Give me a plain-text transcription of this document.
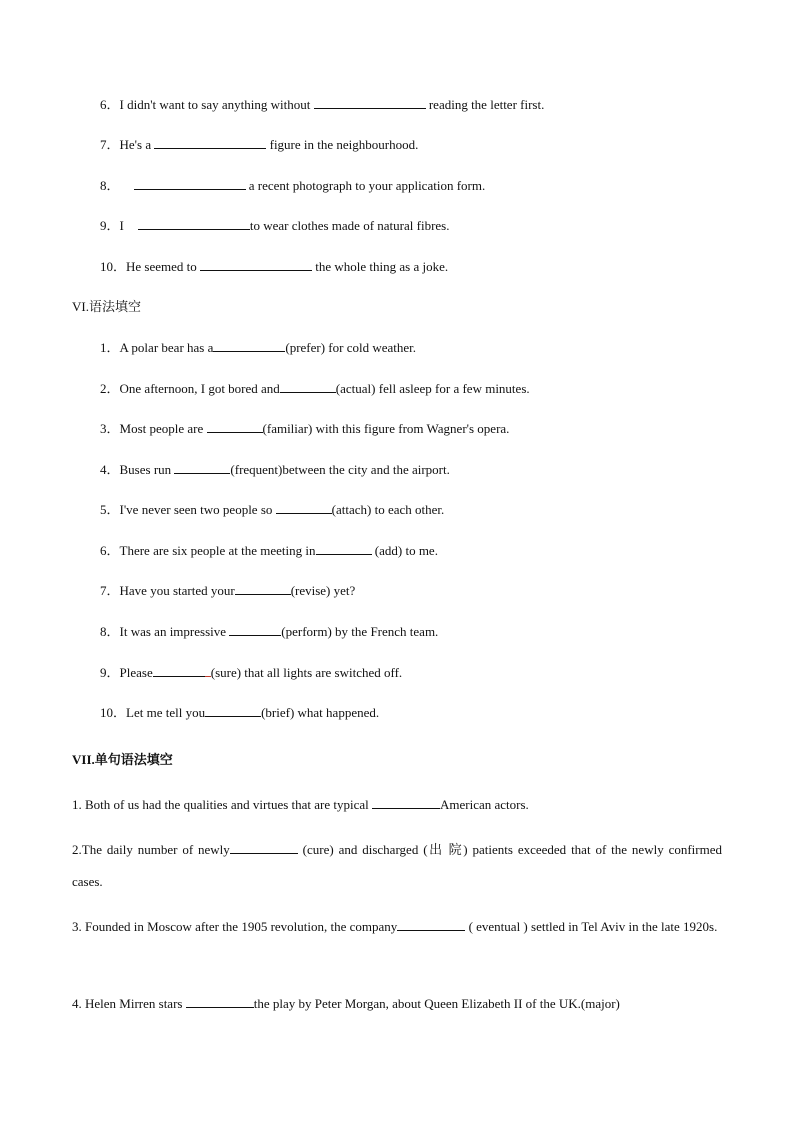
6．I didn't want to say anything without	reading the letter first.
7．He's a	figure in the neighbourhood.
8．	a recent photograph to your application form.
9．I	to wear clothes made of natural fibres.
10．He seemed to	the whole thing as a joke.
VI.语法填空
1．A polar bear has a	(prefer) for cold weather.
2．One afternoon, I got bored and	(actual) fell asleep for a few minutes.
3．Most people are	(familiar) with this figure from Wagner's opera.
4．Buses run	(frequent)between the city and the airport.
5．I've never seen two people so	(attach) to each other.
6．There are six people at the meeting in	(add) to me.
7．Have you started your	(revise) yet?
8．It was an impressive	(perform) by the French team.
9．Please	(sure) that all lights are switched off.
10．Let me tell you	(brief) what happened.
VII.单句语法填空
1. Both of us had the qualities and virtues that are typical	American actors.
2.The daily number of newly	(cure) and discharged (出 院) patients exceeded that of the newly confirmed cases.
3. Founded in Moscow after the 1905 revolution, the company	( eventual ) settled in Tel Aviv in the late 1920s.
4. Helen Mirren stars	the play by Peter Morgan, about Queen Elizabeth II of the UK.(major)
